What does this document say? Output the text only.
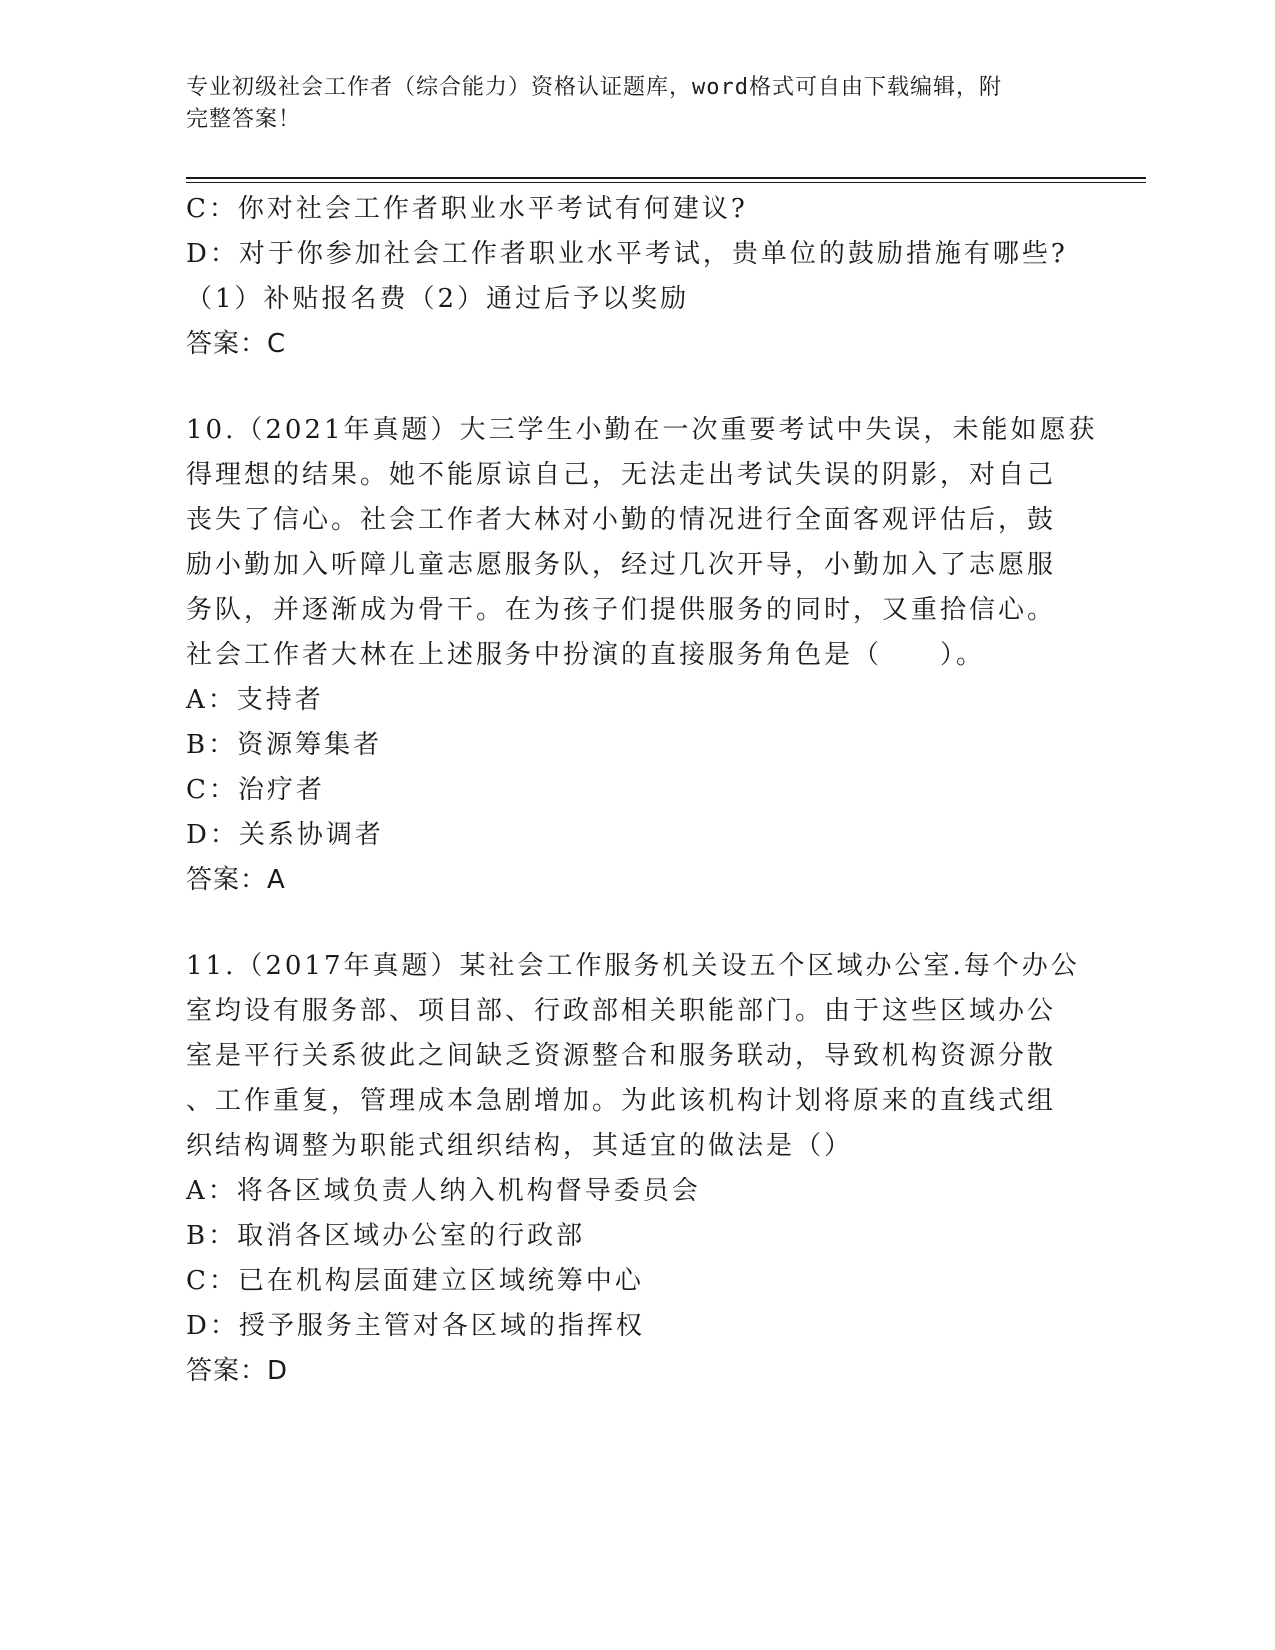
专业初级社会工作者（综合能力）资格认证题库，word格式可自由下载编辑，附
完整答案！
C：你对社会工作者职业水平考试有何建议?
D：对于你参加社会工作者职业水平考试，贵单位的鼓励措施有哪些?
（1）补贴报名费（2）通过后予以奖励
答案：C
10.（2021年真题）大三学生小勤在一次重要考试中失误，未能如愿获
得理想的结果。她不能原谅自己，无法走出考试失误的阴影，对自己
丧失了信心。社会工作者大林对小勤的情况进行全面客观评估后，鼓
励小勤加入听障儿童志愿服务队，经过几次开导，小勤加入了志愿服
务队，并逐渐成为骨干。在为孩子们提供服务的同时，又重拾信心。
社会工作者大林在上述服务中扮演的直接服务角色是（　　）。
A：支持者
B：资源筹集者
C：治疗者
D：关系协调者
答案：A
11.（2017年真题）某社会工作服务机关设五个区域办公室.每个办公
室均设有服务部、项目部、行政部相关职能部门。由于这些区域办公
室是平行关系彼此之间缺乏资源整合和服务联动，导致机构资源分散
、工作重复，管理成本急剧增加。为此该机构计划将原来的直线式组
织结构调整为职能式组织结构，其适宜的做法是（）
A：将各区域负责人纳入机构督导委员会
B：取消各区域办公室的行政部
C：已在机构层面建立区域统筹中心
D：授予服务主管对各区域的指挥权
答案：D
